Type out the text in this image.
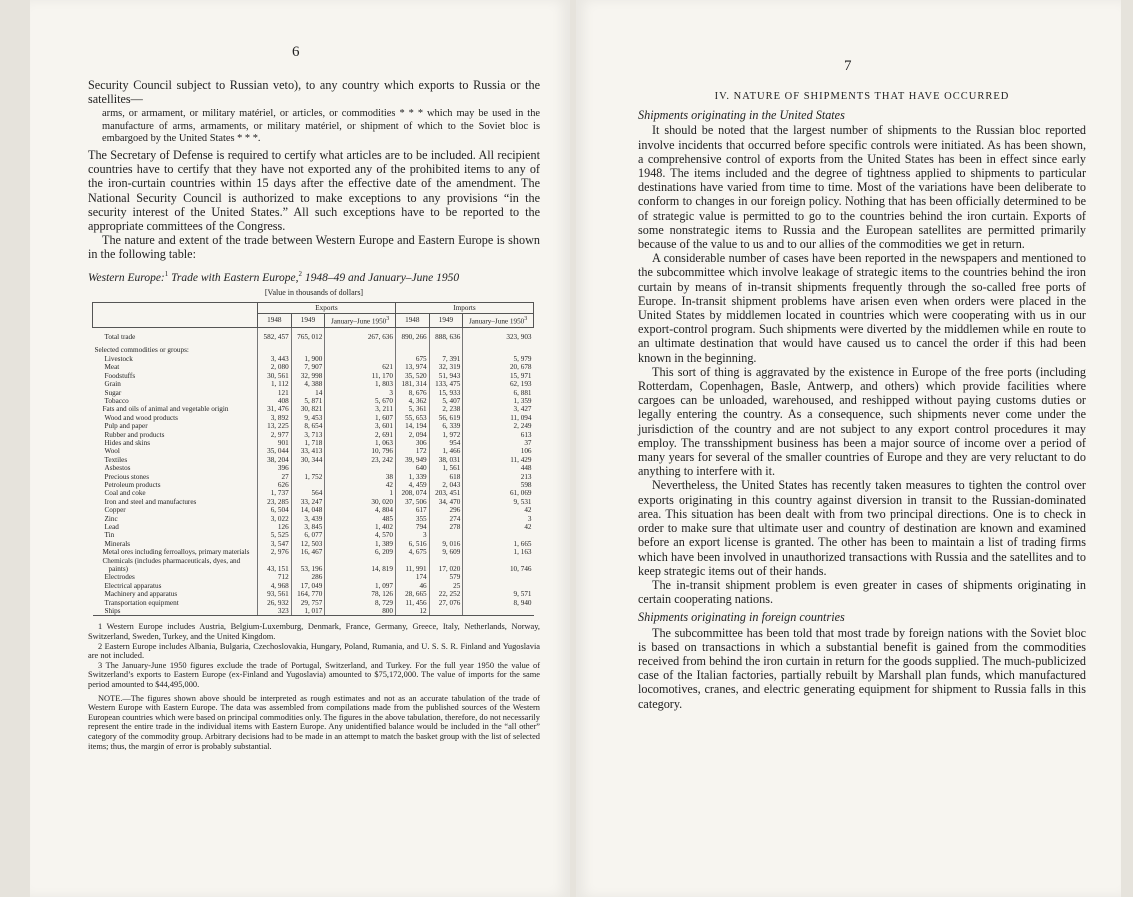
6

Security Council subject to Russian veto), to any country which exports to Russia or the satellites—

arms, or armament, or military matériel, or articles, or commodities * * * which may be used in the manufacture of arms, armaments, or military matériel, or shipment of which to the Soviet bloc is embargoed by the United States * * *.

The Secretary of Defense is required to certify what articles are to be included. All recipient countries have to certify that they have not exported any of the prohibited items to any of the iron-curtain countries within 15 days after the effective date of the amendment. The National Security Council is authorized to make exceptions to any provisions “in the security interest of the United States.” All such exceptions have to be reported to the appropriate committees of the Congress.

The nature and extent of the trade between Western Europe and Eastern Europe is shown in the following table:

Western Europe:$^1$ Trade with Eastern Europe,$^2$ 1948–49 and January–June 1950
[Value in thousands of dollars]
	Exports			Imports		
	1948	1949	January–June 1950$^3$	1948	1949	January–June 1950$^3$
Total trade	582, 457	765, 012	267, 636	890, 266	888, 636	323, 903
Selected commodities or groups:						
Livestock	3, 443	1, 900		675	7, 391	5, 979
Meat	2, 080	7, 907	621	13, 974	32, 319	20, 678
Foodstuffs	30, 561	32, 998	11, 170	35, 520	51, 943	15, 971
Grain	1, 112	4, 388	1, 803	181, 314	133, 475	62, 193
Sugar	121	14	3	8, 676	15, 933	6, 881
Tobacco	408	5, 871	5, 670	4, 362	5, 407	1, 359
Fats and oils of animal and vegetable origin	31, 476	30, 821	3, 211	5, 361	2, 238	3, 427
Wood and wood products	3, 892	9, 453	1, 607	55, 653	56, 619	11, 094
Pulp and paper	13, 225	8, 654	3, 601	14, 194	6, 339	2, 249
Rubber and products	2, 977	3, 713	2, 691	2, 094	1, 972	613
Hides and skins	901	1, 718	1, 063	306	954	37
Wool	35, 044	33, 413	10, 796	172	1, 466	106
Textiles	38, 204	30, 344	23, 242	39, 949	38, 031	11, 429
Asbestos	396			640	1, 561	448
Precious stones	27	1, 752	38	1, 339	618	213
Petroleum products	626		42	4, 459	2, 043	598
Coal and coke	1, 737	564	1	208, 074	203, 451	61, 069
Iron and steel and manufactures	23, 285	33, 247	30, 020	37, 506	34, 470	9, 531
Copper	6, 504	14, 048	4, 804	617	296	42
Zinc	3, 022	3, 439	485	355	274	3
Lead	126	3, 845	1, 402	794	278	42
Tin	5, 525	6, 077	4, 570	3		
Minerals	3, 547	12, 503	1, 389	6, 516	9, 016	1, 665
Metal ores including ferroalloys, primary materials	2, 976	16, 467	6, 209	4, 675	9, 609	1, 163
Chemicals (includes pharmaceuticals, dyes, and paints)	43, 151	53, 196	14, 819	11, 991	17, 020	10, 746
Electrodes	712	286		174	579	
Electrical apparatus	4, 968	17, 049	1, 097	46	25	
Machinery and apparatus	93, 561	164, 770	78, 126	28, 665	22, 252	9, 571
Transportation equipment	26, 932	29, 757	8, 729	11, 456	27, 076	8, 940
Ships	323	1, 017	800	12		

1 Western Europe includes Austria, Belgium-Luxemburg, Denmark, France, Germany, Greece, Italy, Netherlands, Norway, Switzerland, Sweden, Turkey, and the United Kingdom.

2 Eastern Europe includes Albania, Bulgaria, Czechoslovakia, Hungary, Poland, Rumania, and U. S. S. R. Finland and Yugoslavia are not included.

3 The January-June 1950 figures exclude the trade of Portugal, Switzerland, and Turkey. For the full year 1950 the value of Switzerland’s exports to Eastern Europe (ex-Finland and Yugoslavia) amounted to $75,172,000. The value of imports for the same period amounted to $44,495,000.

NOTE.—The figures shown above should be interpreted as rough estimates and not as an accurate tabulation of the trade of Western Europe with Eastern Europe. The data was assembled from compilations made from the published sources of the Western European countries which were based on principal commodities only. The figures in the above tabulation, therefore, do not necessarily represent the entire trade in the individual items with Eastern Europe. Any unidentified balance would be included in the “all other” category of the commodity group. Arbitrary decisions had to be made in an attempt to match the basket group with the list of selected items; thus, the margin of error is probably substantial.

7
IV. NATURE OF SHIPMENTS THAT HAVE OCCURRED
Shipments originating in the United States

It should be noted that the largest number of shipments to the Russian bloc reported involve incidents that occurred before specific controls were initiated. As has been shown, a comprehensive control of exports from the United States has been in effect since early 1948. The items included and the degree of tightness applied to shipments to particular destinations have varied from time to time. Most of the variations have been deliberate to conform to changes in our foreign policy. Nothing that has been officially determined to be of strategic value is permitted to go to the countries behind the iron curtain. Exports of some nonstrategic items to Russia and the European satellites are permitted primarily because of the value to us and to our allies of the commodities we get in return.

A considerable number of cases have been reported in the newspapers and mentioned to the subcommittee which involve leakage of strategic items to the countries behind the iron curtain by means of in-transit shipments frequently through the so-called free ports of Europe. In-transit shipment problems have arisen even when orders were placed in the United States by middlemen located in countries which were cooperating with us in our export-control program. Such shipments were diverted by the middlemen while en route to an ultimate destination that would have caused us to cancel the order if this had been known in the beginning.

This sort of thing is aggravated by the existence in Europe of the free ports (including Rotterdam, Copenhagen, Basle, Antwerp, and others) which provide facilities where cargoes can be unloaded, warehoused, and reshipped without paying customs duties or legally entering the country. As a consequence, such shipments never come under the jurisdiction of the country and are not subject to any export control procedures it may employ. The transshipment business has been a major source of income over a period of many years for several of the smaller countries of Europe and they are very reluctant to do anything to interfere with it.

Nevertheless, the United States has recently taken measures to tighten the control over exports originating in this country against diversion in transit to the Russian-dominated area. This situation has been dealt with from two principal directions. One is to check in order to make sure that ultimate user and country of destination are known and examined before an export license is granted. The other has been to maintain a list of trading firms which have been involved in unauthorized transactions with Russia and the satellites and to keep strategic items out of their hands.

The in-transit shipment problem is even greater in cases of shipments originating in certain cooperating nations.

Shipments originating in foreign countries

The subcommittee has been told that most trade by foreign nations with the Soviet bloc is based on transactions in which a substantial benefit is gained from the commodities received from behind the iron curtain in return for the goods supplied. The much-publicized case of the Italian factories, partially rebuilt by Marshall plan funds, which manufactured locomotives, cranes, and electric generating equipment for shipment to Russia falls in this category.
